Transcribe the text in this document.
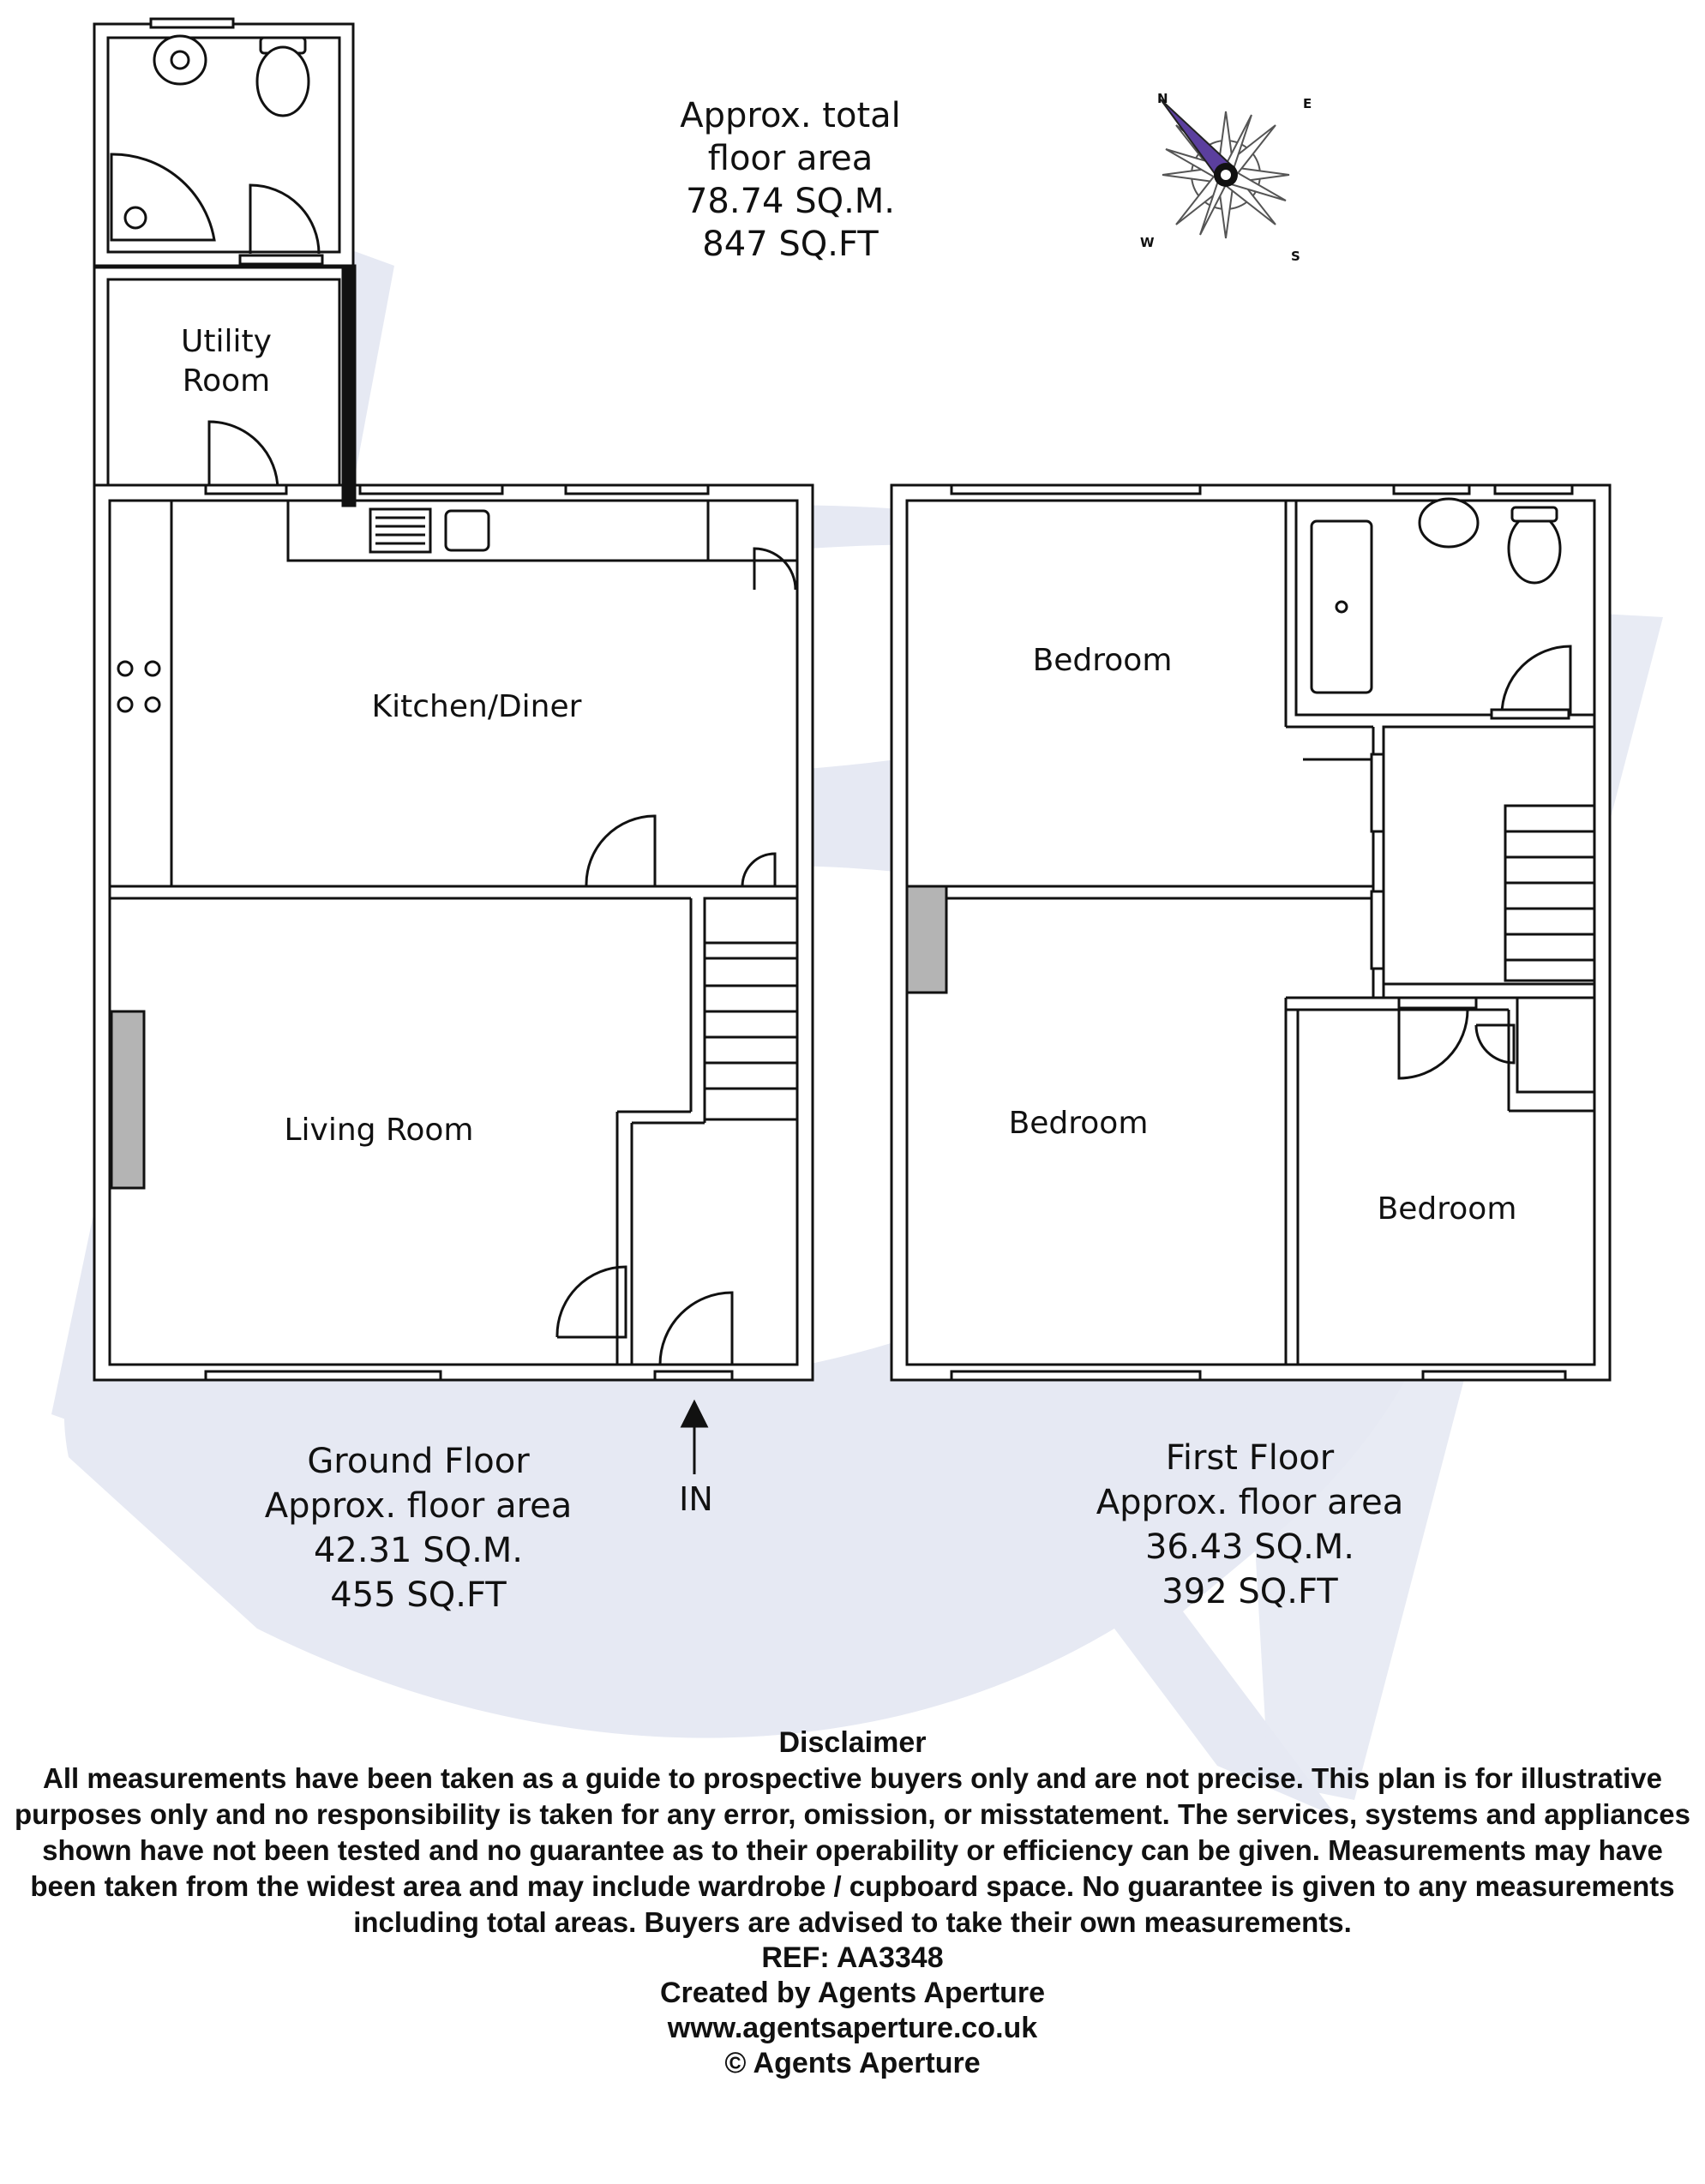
N	E
S
W
Approx. total
floor area
78.74 SQ.M.
847 SQ.FT
Utility
Room
Kitchen/Diner
Living Room
Bedroom
Bedroom
Bedroom
Ground Floor
Approx. floor area
42.31 SQ.M.
455 SQ.FT
IN
First Floor
Approx. floor area
36.43 SQ.M.
392 SQ.FT
Disclaimer
All measurements have been taken as a guide to prospective buyers only and are not precise. This plan is for illustrative purposes only and no responsibility is taken for any error, omission, or misstatement. The services, systems and appliances shown have not been tested and no guarantee as to their operability or efficiency can be given. Measurements may have been taken from the widest area and may include wardrobe / cupboard space. No guarantee is given to any measurements including total areas. Buyers are advised to take their own measurements.
REF: AA3348
Created by Agents Aperture
www.agentsaperture.co.uk
© Agents Aperture
